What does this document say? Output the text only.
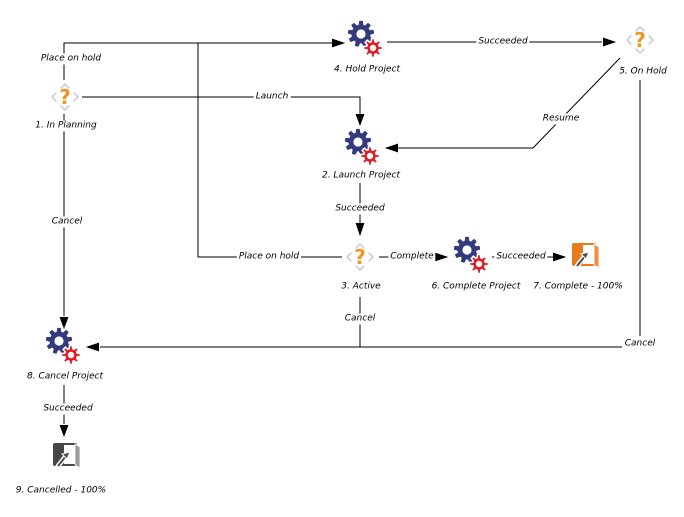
?
?
?
1. In Planning
2. Launch Project
3. Active
4. Hold Project	5. On Hold
6. Complete Project 7. Complete - 100%
8. Cancel Project
9. Cancelled - 100%
Place on hold
Launch
Succeeded
Resume
Succeeded
Place on hold	Complete	Succeeded
Cancel
Cancel
Cancel
Succeeded
